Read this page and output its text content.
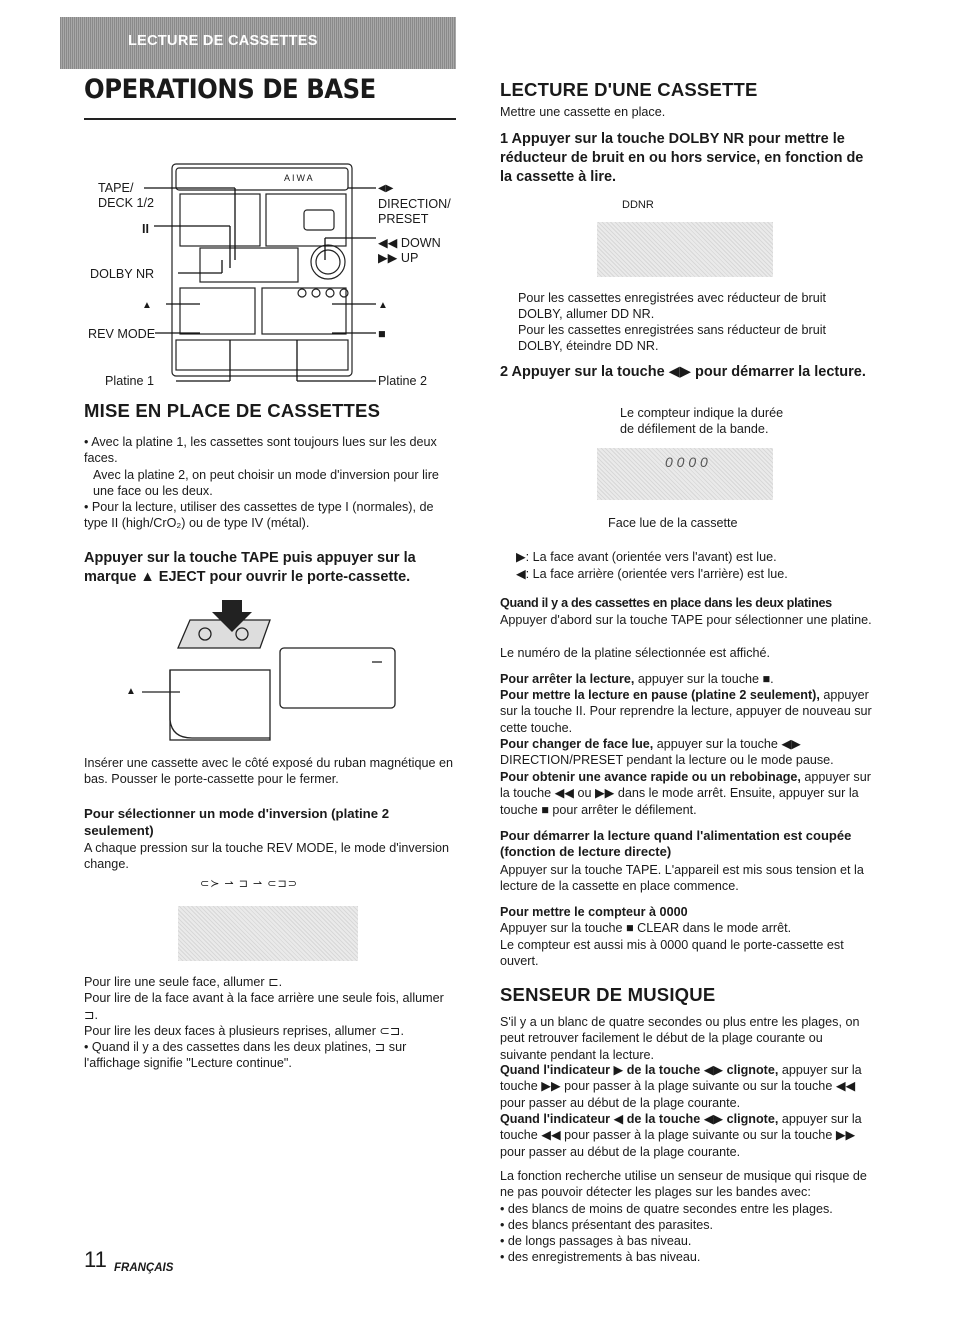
LECTURE DE CASSETTES
OPERATIONS DE BASE
TAPE/
DECK 1/2
II
DOLBY NR
▲
REV MODE
◀▶
DIRECTION/
PRESET
◀◀ DOWN
▶▶ UP
▲
■
Platine 1	Platine 2
AIWA
MISE EN PLACE DE CASSETTES

• Avec la platine 1, les cassettes sont toujours lues sur les deux faces.

Avec la platine 2, on peut choisir un mode d'inversion pour lire une face ou les deux.

• Pour la lecture, utiliser des cassettes de type I (normales), de type II (high/CrO₂) ou de type IV (métal).

Appuyer sur la touche TAPE puis appuyer sur la marque ▲ EJECT pour ouvrir le porte-cassette.
▲
Insérer une cassette avec le côté exposé du ruban magnétique en bas. Pousser le porte-cassette pour le fermer.
Pour sélectionner un mode d'inversion (platine 2 seulement)
A chaque pression sur la touche REV MODE, le mode d'inversion change.
⊂≻ ⇀ ⊐ ⇀ ⊂⊐⊃

Pour lire une seule face, allumer ⊏.

Pour lire de la face avant à la face arrière une seule fois, allumer ⊐.

Pour lire les deux faces à plusieurs reprises, allumer ⊂⊐.

• Quand il y a des cassettes dans les deux platines, ⊐ sur l'affichage signifie "Lecture continue".

LECTURE D'UNE CASSETTE
Mettre une cassette en place.
1 Appuyer sur la touche DOLBY NR pour mettre le réducteur de bruit en ou hors service, en fonction de la cassette à lire.
DDNR
Pour les cassettes enregistrées avec réducteur de bruit DOLBY, allumer DD NR.
Pour les cassettes enregistrées sans réducteur de bruit DOLBY, éteindre DD NR.
2 Appuyer sur la touche ◀▶ pour démarrer la lecture.
Le compteur indique la durée de défilement de la bande.
0 0 0 0
Face lue de la cassette
▶: La face avant (orientée vers l'avant) est lue.
◀: La face arrière (orientée vers l'arrière) est lue.
Quand il y a des cassettes en place dans les deux platines
Appuyer d'abord sur la touche TAPE pour sélectionner une platine.
Le numéro de la platine sélectionnée est affiché.
Pour arrêter la lecture, appuyer sur la touche ■.
Pour mettre la lecture en pause (platine 2 seulement), appuyer sur la touche II. Pour reprendre la lecture, appuyer de nouveau sur cette touche.
Pour changer de face lue, appuyer sur la touche ◀▶ DIRECTION/PRESET pendant la lecture ou le mode pause.
Pour obtenir une avance rapide ou un rebobinage, appuyer sur la touche ◀◀ ou ▶▶ dans le mode arrêt. Ensuite, appuyer sur la touche ■ pour arrêter le défilement.
Pour démarrer la lecture quand l'alimentation est coupée (fonction de lecture directe)
Appuyer sur la touche TAPE. L'appareil est mis sous tension et la lecture de la cassette en place commence.
Pour mettre le compteur à 0000
Appuyer sur la touche ■ CLEAR dans le mode arrêt.
Le compteur est aussi mis à 0000 quand le porte-cassette est ouvert.
SENSEUR DE MUSIQUE
S'il y a un blanc de quatre secondes ou plus entre les plages, on peut retrouver facilement le début de la plage courante ou suivante pendant la lecture.
Quand l'indicateur ▶ de la touche ◀▶ clignote, appuyer sur la touche ▶▶ pour passer à la plage suivante ou sur la touche ◀◀ pour passer au début de la plage courante.
Quand l'indicateur ◀ de la touche ◀▶ clignote, appuyer sur la touche ◀◀ pour passer à la plage suivante ou sur la touche ▶▶ pour passer au début de la plage courante.

La fonction recherche utilise un senseur de musique qui risque de ne pas pouvoir détecter les plages sur les bandes avec:

• des blancs de moins de quatre secondes entre les plages.

• des blancs présentant des parasites.

• de longs passages à bas niveau.

• des enregistrements à bas niveau.

11 FRANÇAIS
